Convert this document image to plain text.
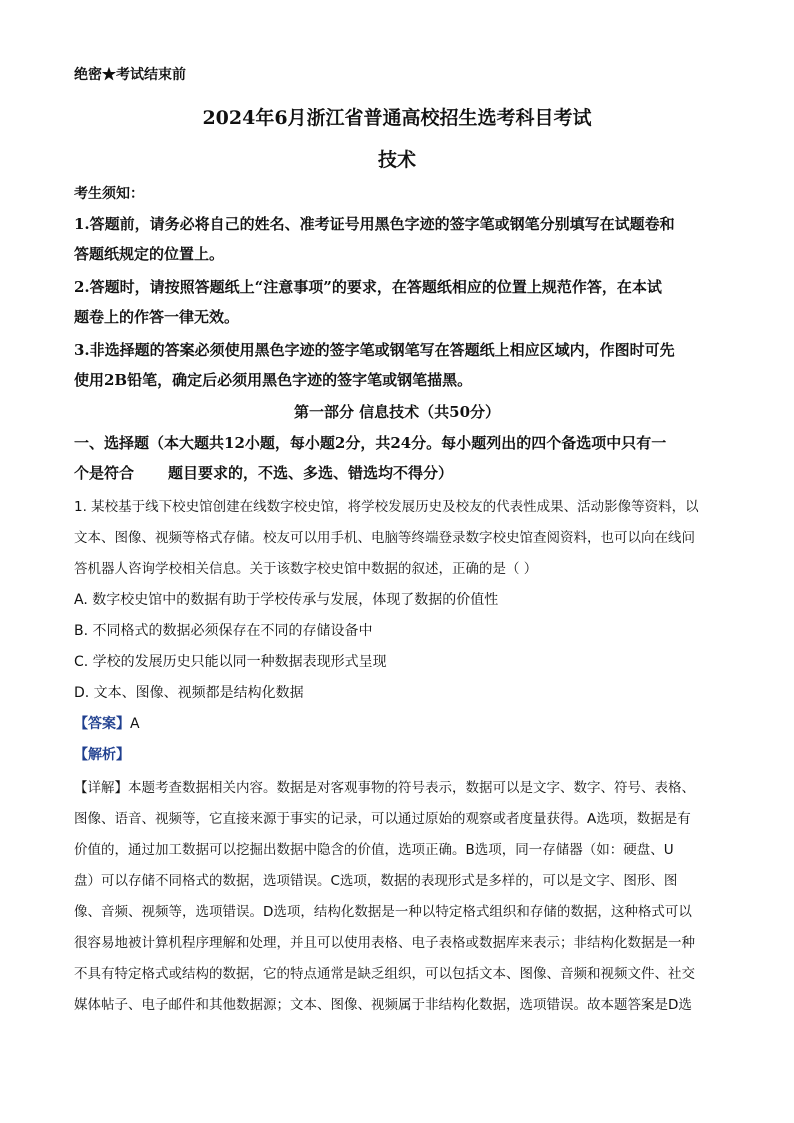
绝密★考试结束前
2024年6月浙江省普通高校招生选考科目考试
技术
考生须知：
1.答题前，请务必将自己的姓名、准考证号用黑色字迹的签字笔或钢笔分别填写在试题卷和
答题纸规定的位置上。
2.答题时，请按照答题纸上“注意事项”的要求，在答题纸相应的位置上规范作答，在本试
题卷上的作答一律无效。
3.非选择题的答案必须使用黑色字迹的签字笔或钢笔写在答题纸上相应区域内，作图时可先
使用2B铅笔，确定后必须用黑色字迹的签字笔或钢笔描黑。
第一部分 信息技术（共50分）
一、选择题（本大题共12小题，每小题2分，共24分。每小题列出的四个备选项中只有一
个是符合 题目要求的，不选、多选、错选均不得分）
1. 某校基于线下校史馆创建在线数字校史馆，将学校发展历史及校友的代表性成果、活动影像等资料，以
文本、图像、视频等格式存储。校友可以用手机、电脑等终端登录数字校史馆查阅资料，也可以向在线问
答机器人咨询学校相关信息。关于该数字校史馆中数据的叙述，正确的是（ ）
A. 数字校史馆中的数据有助于学校传承与发展，体现了数据的价值性
B. 不同格式的数据必须保存在不同的存储设备中
C. 学校的发展历史只能以同一种数据表现形式呈现
D. 文本、图像、视频都是结构化数据
【答案】A
【解析】
【详解】本题考查数据相关内容。数据是对客观事物的符号表示，数据可以是文字、数字、符号、表格、
图像、语音、视频等，它直接来源于事实的记录，可以通过原始的观察或者度量获得。A选项，数据是有
价值的，通过加工数据可以挖掘出数据中隐含的价值，选项正确。B选项，同一存储器（如：硬盘、U
盘）可以存储不同格式的数据，选项错误。C选项，数据的表现形式是多样的，可以是文字、图形、图
像、音频、视频等，选项错误。D选项，结构化数据是一种以特定格式组织和存储的数据，这种格式可以
很容易地被计算机程序理解和处理，并且可以使用表格、电子表格或数据库来表示；非结构化数据是一种
不具有特定格式或结构的数据，它的特点通常是缺乏组织，可以包括文本、图像、音频和视频文件、社交
媒体帖子、电子邮件和其他数据源；文本、图像、视频属于非结构化数据，选项错误。故本题答案是D选
